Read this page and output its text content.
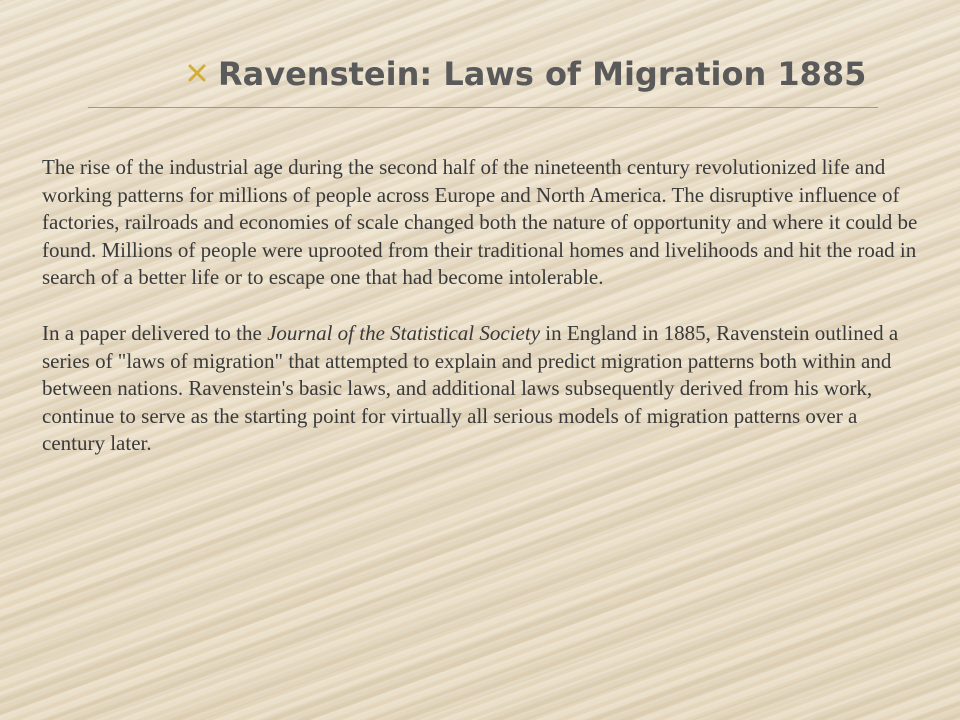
Ravenstein: Laws of Migration 1885

The rise of the industrial age during the second half of the nineteenth century revolutionized life and working patterns for millions of people across Europe and North America. The disruptive influence of factories, railroads and economies of scale changed both the nature of opportunity and where it could be found. Millions of people were uprooted from their traditional homes and livelihoods and hit the road in search of a better life or to escape one that had become intolerable.

In a paper delivered to the Journal of the Statistical Society in England in 1885, Ravenstein outlined a series of "laws of migration" that attempted to explain and predict migration patterns both within and between nations. Ravenstein's basic laws, and additional laws subsequently derived from his work, continue to serve as the starting point for virtually all serious models of migration patterns over a century later.
